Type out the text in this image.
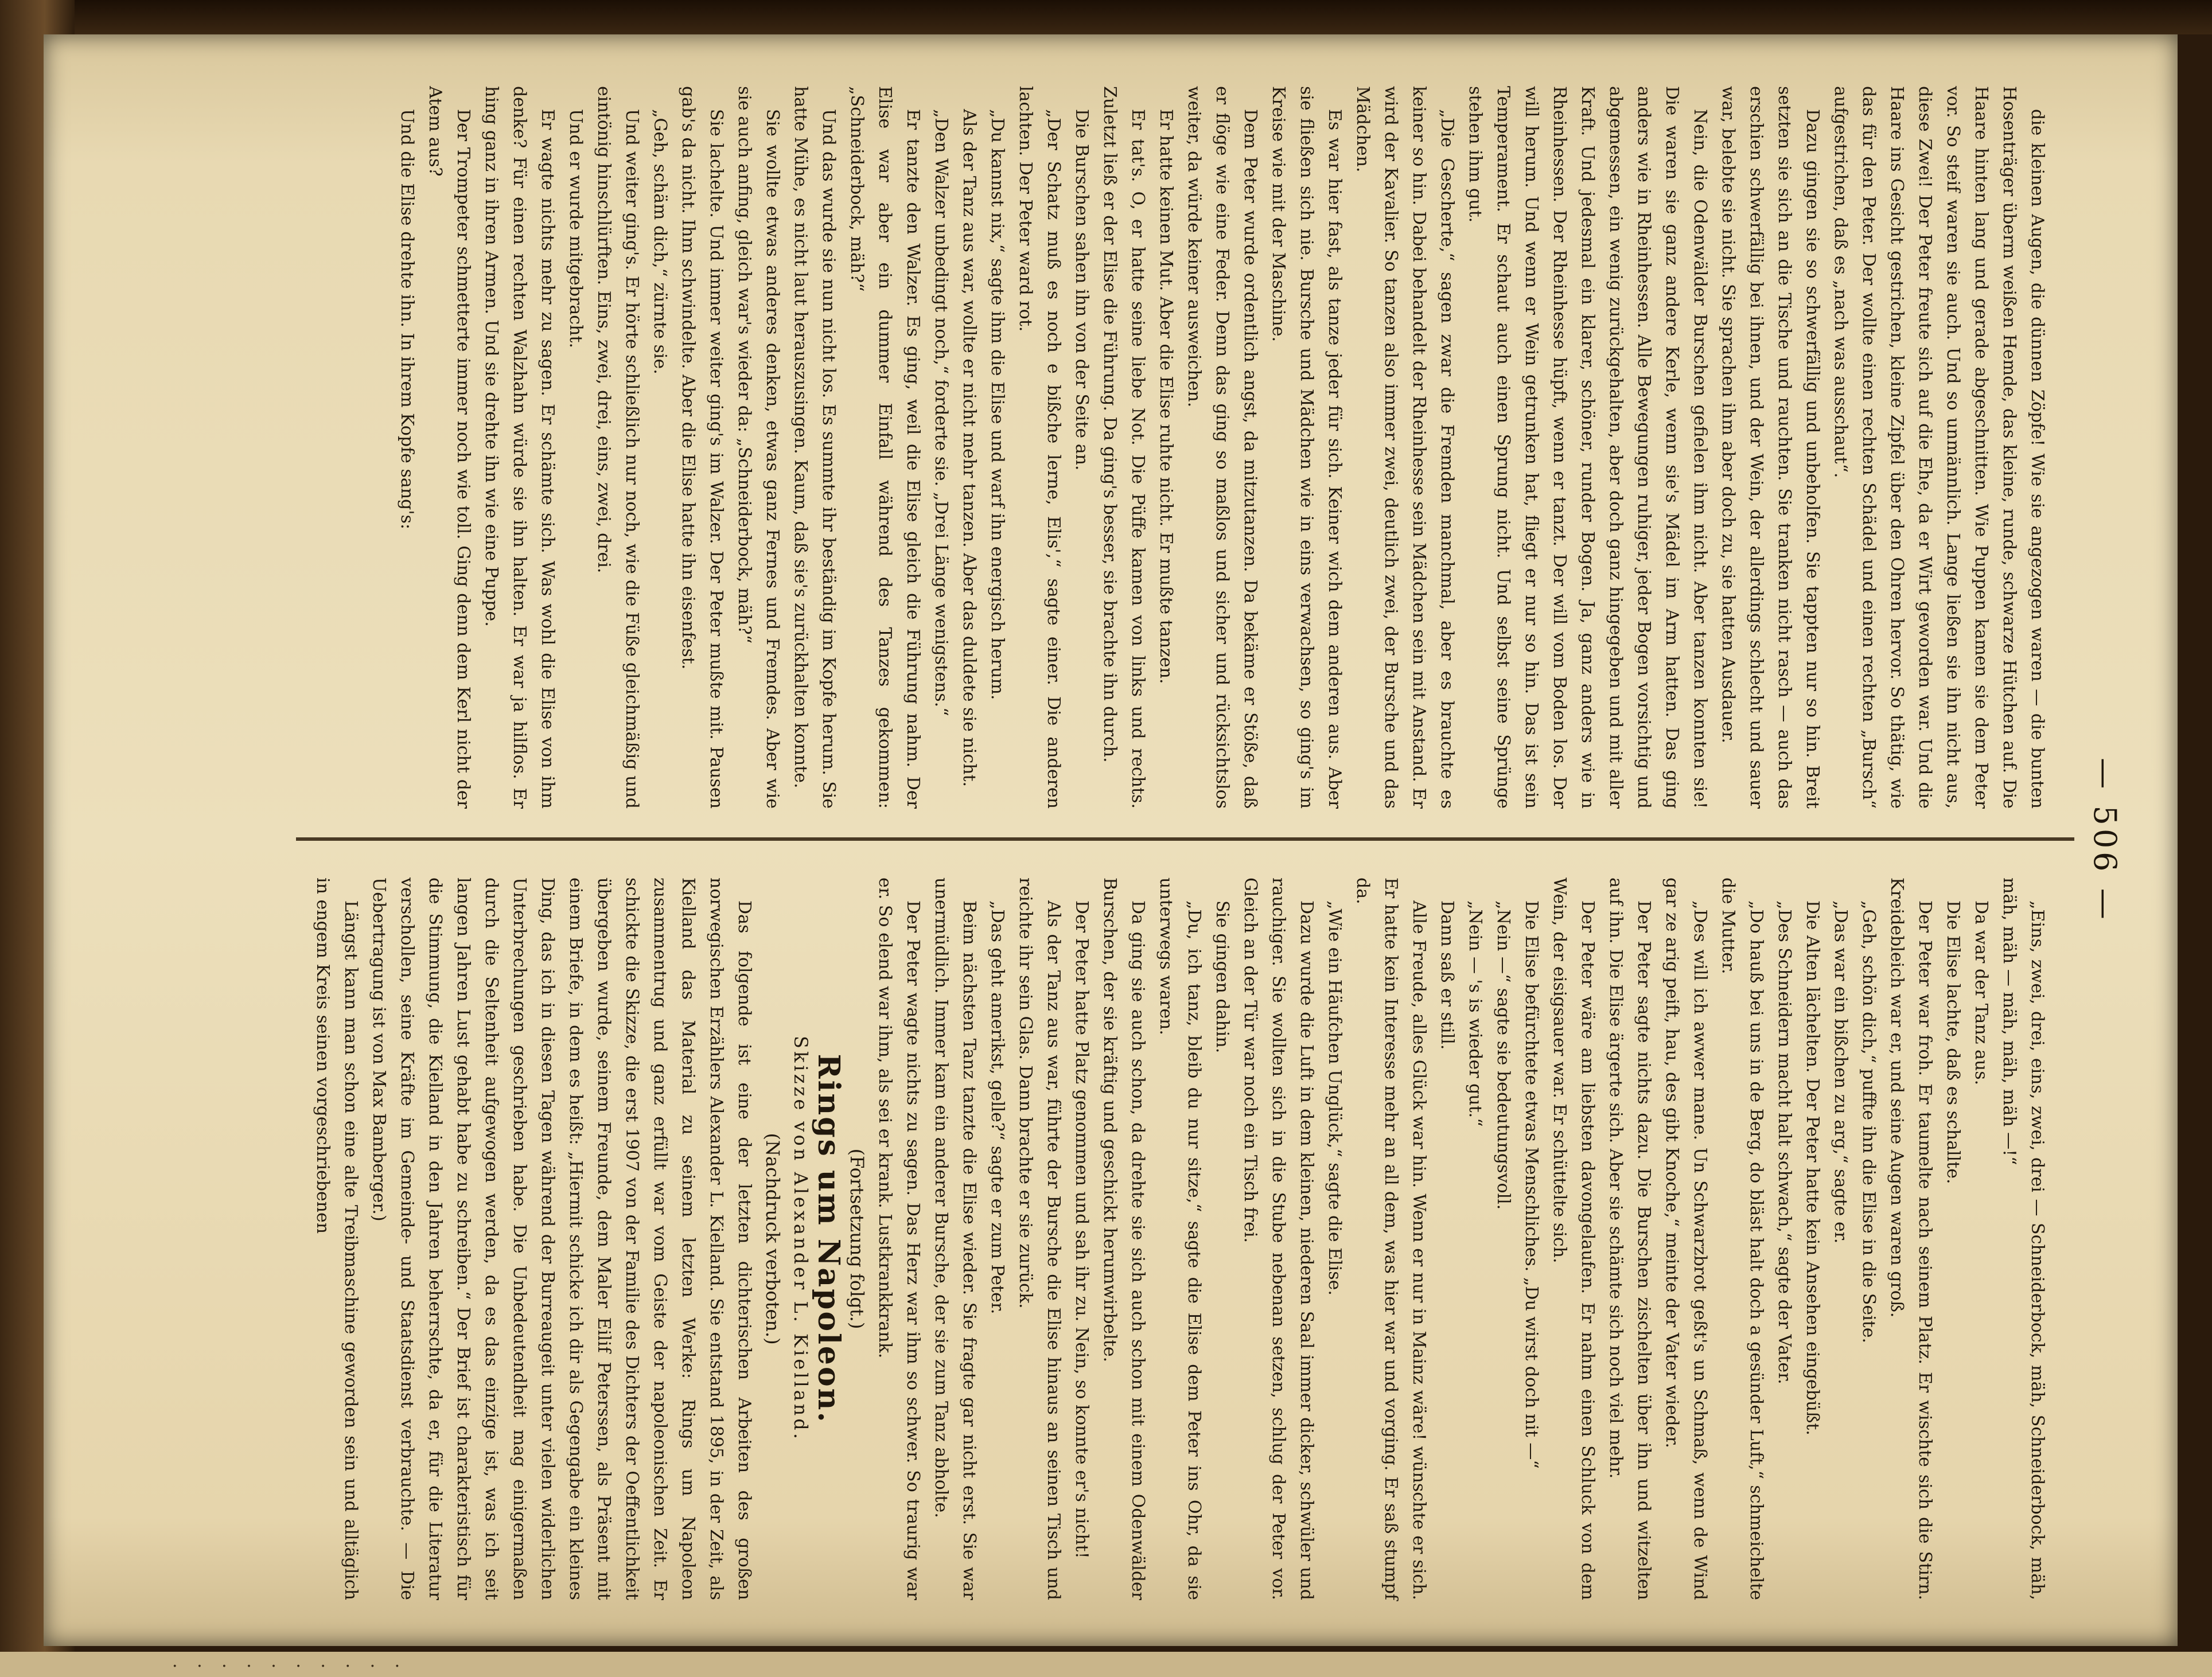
— 506 —

die kleinen Augen, die dünnen Zöpfe! Wie sie angezogen waren — die bunten Hosenträger überm weißen Hemde, das kleine, runde, schwarze Hütchen auf. Die Haare hinten lang und gerade abgeschnitten. Wie Puppen kamen sie dem Peter vor. So steif waren sie auch. Und so unmännlich. Lange ließen sie ihn nicht aus, diese Zwei! Der Peter freute sich auf die Ehe, da er Wirt geworden war. Und die Haare ins Gesicht gestrichen, kleine Zipfel über den Ohren hervor. So thätig, wie das für den Peter. Der wollte einen rechten Schädel und einen rechten „Bursch“ aufgestrichen, daß es „nach was ausschaut“.

Dazu gingen sie so schwerfällig und unbeholfen. Sie tappten nur so hin. Breit setzten sie sich an die Tische und rauchten. Sie tranken nicht rasch — auch das erschien schwerfällig bei ihnen, und der Wein, der allerdings schlecht und sauer war, belebte sie nicht. Sie sprachen ihm aber doch zu, sie hatten Ausdauer.

Nein, die Odenwälder Burschen gefielen ihm nicht. Aber tanzen konnten sie! Die waren sie ganz andere Kerle, wenn sie's Mädel im Arm hatten. Das ging anders wie in Rheinhessen. Alle Bewegungen ruhiger, jeder Bogen vorsichtig und abgemessen, ein wenig zurückgehalten, aber doch ganz hingegeben und mit aller Kraft. Und jedesmal ein klarer, schöner, runder Bogen. Ja, ganz anders wie in Rheinhessen. Der Rheinhesse hüpft, wenn er tanzt. Der will vom Boden los. Der will herum. Und wenn er Wein getrunken hat, fliegt er nur so hin. Das ist sein Temperament. Er schaut auch einen Sprung nicht. Und selbst seine Sprünge stehen ihm gut.

„Die Gescherte,“ sagen zwar die Fremden manchmal, aber es brauchte es keiner so hin. Dabei behandelt der Rheinhesse sein Mädchen sein mit Anstand. Er wird der Kavalier. So tanzen also immer zwei, deutlich zwei, der Bursche und das Mädchen.

Es war hier fast, als tanze jeder für sich. Keiner wich dem anderen aus. Aber sie fließen sich nie. Bursche und Mädchen wie in eins verwachsen, so ging's im Kreise wie mit der Maschine.

Dem Peter wurde ordentlich angst, da mitzutanzen. Da bekäme er Stöße, daß er flöge wie eine Feder. Denn das ging so maßlos und sicher und rücksichtslos weiter, da würde keiner ausweichen.

Er hatte keinen Mut. Aber die Elise ruhte nicht. Er mußte tanzen.

Er tat's. O, er hatte seine liebe Not. Die Püffe kamen von links und rechts. Zuletzt ließ er der Elise die Führung. Da ging's besser, sie brachte ihn durch.

Die Burschen sahen ihn von der Seite an.

„Der Schatz muß es noch e bißche lerne, Elis',“ sagte einer. Die anderen lachten. Der Peter ward rot.

„Du kannst nix,“ sagte ihm die Elise und warf ihn energisch herum.

Als der Tanz aus war, wollte er nicht mehr tanzen. Aber das duldete sie nicht.

„Den Walzer unbedingt noch,“ forderte sie. „Drei Länge wenigstens.“

Er tanzte den Walzer. Es ging, weil die Elise gleich die Führung nahm. Der Elise war aber ein dummer Einfall während des Tanzes gekommen: „Schneiderbock, mäh?“

Und das wurde sie nun nicht los. Es summte ihr beständig im Kopfe herum. Sie hatte Mühe, es nicht laut herauszusingen. Kaum, daß sie's zurückhalten konnte.

Sie wollte etwas anderes denken, etwas ganz Fernes und Fremdes. Aber wie sie auch anfing, gleich war's wieder da: „Schneiderbock, mäh?“

Sie lachelte. Und immer weiter ging's im Walzer. Der Peter mußte mit. Pausen gab's da nicht. Ihm schwindelte. Aber die Elise hatte ihn eisenfest.

„Geh, schäm dich,“ zürnte sie.

Und weiter ging's. Er hörte schließlich nur noch, wie die Füße gleichmäßig und eintönig hinschlürften. Eins, zwei, drei, eins, zwei, drei.

Und er wurde mitgebracht.

Er wagte nichts mehr zu sagen. Er schämte sich. Was wohl die Elise von ihm denke? Für einen rechten Walzhahn würde sie ihn halten. Er war ja hilflos. Er hing ganz in ihren Armen. Und sie drehte ihn wie eine Puppe.

Der Trompeter schmetterte immer noch wie toll. Ging denn dem Kerl nicht der Atem aus?

Und die Elise drehte ihn. In ihrem Kopfe sang's:

„Eins, zwei, drei, eins, zwei, drei — Schneiderbock, mäh, Schneiderbock, mäh, mäh, mäh — mäh, mäh, mäh —!“

Da war der Tanz aus.

Die Elise lachte, daß es schallte.

Der Peter war froh. Er taumelte nach seinem Platz. Er wischte sich die Stirn. Kreidebleich war er, und seine Augen waren groß.

„Geh, schön dich,“ puffte ihn die Elise in die Seite.

„Das war ein bißchen zu arg,“ sagte er.

Die Alten lächelten. Der Peter hatte kein Ansehen eingebüßt.

„Des Schneidern macht halt schwach,“ sagte der Vater.

„Do hauß bei uns in de Berg, do bläst halt doch a gesünder Luft,“ schmeichelte die Mutter.

„Des will ich awwer mane. Un Schwarzbrot geßt's un Schmaß, wenn de Wind gar ze arig peift, hau, des gibt Knoche,“ meinte der Vater wieder.

Der Peter sagte nichts dazu. Die Burschen zischelten über ihn und witzelten auf ihn. Die Elise ärgerte sich. Aber sie schämte sich noch viel mehr.

Der Peter wäre am liebsten davongelaufen. Er nahm einen Schluck von dem Wein, der eisigsauer war. Er schüttelte sich.

Die Elise befürchtete etwas Menschliches. „Du wirst doch nit —“

„Nein —“ sagte sie bedeutungsvoll.

„Nein — 's is wieder gut.“

Dann saß er still.

Alle Freude, alles Glück war hin. Wenn er nur in Mainz wäre! wünschte er sich. Er hatte kein Interesse mehr an all dem, was hier war und vorging. Er saß stumpf da.

„Wie ein Häufchen Unglück,“ sagte die Elise.

Dazu wurde die Luft in dem kleinen, niederen Saal immer dicker, schwüler und rauchiger. Sie wollten sich in die Stube nebenan setzen, schlug der Peter vor. Gleich an der Tür war noch ein Tisch frei.

Sie gingen dahin.

„Du, ich tanz, bleib du nur sitze,“ sagte die Elise dem Peter ins Ohr, da sie unterwegs waren.

Da ging sie auch schon, da drehte sie sich auch schon mit einem Odenwälder Burschen, der sie kräftig und geschickt herumwirbelte.

Der Peter hatte Platz genommen und sah ihr zu. Nein, so konnte er's nicht!

Als der Tanz aus war, führte der Bursche die Elise hinaus an seinen Tisch und reichte ihr sein Glas. Dann brachte er sie zurück.

„Das geht amerikst, gelle?“ sagte er zum Peter.

Beim nächsten Tanz tanzte die Elise wieder. Sie fragte gar nicht erst. Sie war unermüdlich. Immer kam ein anderer Bursche, der sie zum Tanz abholte.

Der Peter wagte nichts zu sagen. Das Herz war ihm so schwer. So traurig war er. So elend war ihm, als sei er krank. Lustkrankkrank.

(Fortsetzung folgt.)

Rings um Napoleon.

Skizze von Alexander L. Kielland.

(Nachdruck verboten.)

Das folgende ist eine der letzten dichterischen Arbeiten des großen norwegischen Erzählers Alexander L. Kielland. Sie entstand 1895, in der Zeit, als Kielland das Material zu seinem letzten Werke: Rings um Napoleon zusammentrug und ganz erfüllt war vom Geiste der napoleonischen Zeit. Er schickte die Skizze, die erst 1907 von der Familie des Dichters der Oeffentlichkeit übergeben wurde, seinem Freunde, dem Maler Eilif Peterssen, als Präsent mit einem Briefe, in dem es heißt: „Hiermit schicke ich dir als Gegengabe ein kleines Ding, das ich in diesen Tagen während der Burreaugeit unter vielen widerlichen Unterbrechungen geschrieben habe. Die Unbedeutendheit mag einigermaßen durch die Seltenheit aufgewogen werden, da es das einzige ist, was ich seit langen Jahren Lust gehabt habe zu schreiben.“ Der Brief ist charakteristisch für die Stimmung, die Kielland in den Jahren beherrschte, da er, für die Literatur verschollen, seine Kräfte im Gemeinde- und Staatsdienst verbrauchte. — Die Uebertragung ist von Max Bamberger.)

Längst kann man schon eine alte Treibmaschine geworden sein und alltäglich in engem Kreis seinen vorgeschriebenen

· · · · · · · · · ·
